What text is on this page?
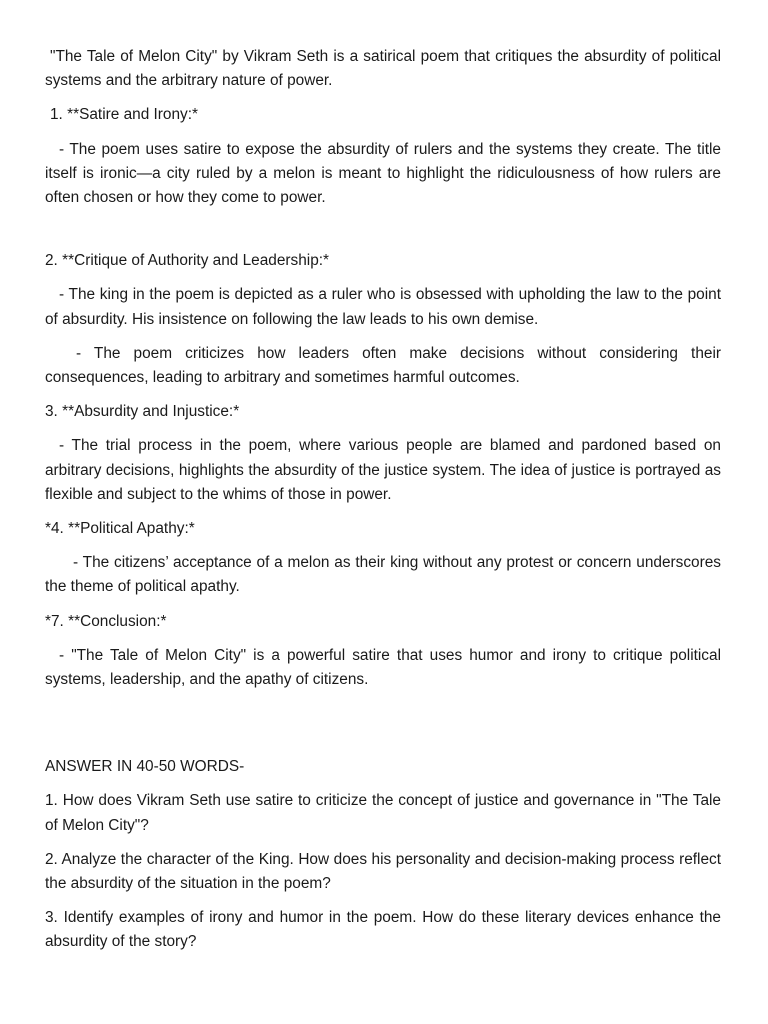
"The Tale of Melon City" by Vikram Seth is a satirical poem that critiques the absurdity of political systems and the arbitrary nature of power.

1. **Satire and Irony:*

- The poem uses satire to expose the absurdity of rulers and the systems they create. The title itself is ironic—a city ruled by a melon is meant to highlight the ridiculousness of how rulers are often chosen or how they come to power.

2. **Critique of Authority and Leadership:*

- The king in the poem is depicted as a ruler who is obsessed with upholding the law to the point of absurdity. His insistence on following the law leads to his own demise.

- The poem criticizes how leaders often make decisions without considering their consequences, leading to arbitrary and sometimes harmful outcomes.

3. **Absurdity and Injustice:*

- The trial process in the poem, where various people are blamed and pardoned based on arbitrary decisions, highlights the absurdity of the justice system. The idea of justice is portrayed as flexible and subject to the whims of those in power.

*4. **Political Apathy:*

- The citizens’ acceptance of a melon as their king without any protest or concern underscores the theme of political apathy.

*7. **Conclusion:*

- "The Tale of Melon City" is a powerful satire that uses humor and irony to critique political systems, leadership, and the apathy of citizens.

ANSWER IN 40-50 WORDS-

1. How does Vikram Seth use satire to criticize the concept of justice and governance in "The Tale of Melon City"?

2. Analyze the character of the King. How does his personality and decision-making process reflect the absurdity of the situation in the poem?

3. Identify examples of irony and humor in the poem. How do these literary devices enhance the absurdity of the story?
